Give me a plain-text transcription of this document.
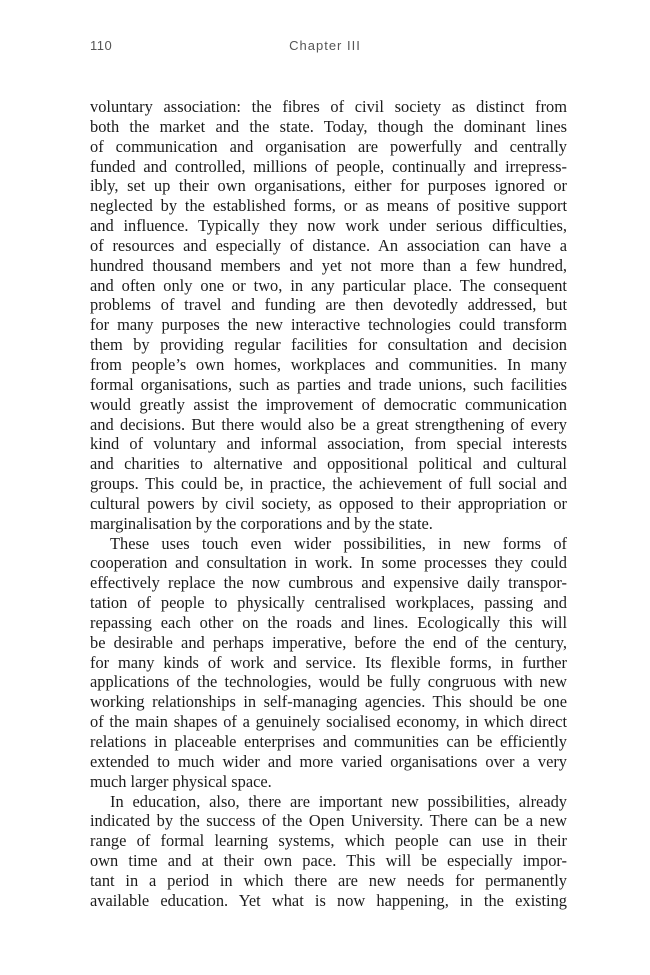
110	Chapter III
voluntary association: the fibres of civil society as distinct from
both the market and the state. Today, though the dominant lines
of communication and organisation are powerfully and centrally
funded and controlled, millions of people, continually and irrepress-
ibly, set up their own organisations, either for purposes ignored or
neglected by the established forms, or as means of positive support
and influence. Typically they now work under serious difficulties,
of resources and especially of distance. An association can have a
hundred thousand members and yet not more than a few hundred,
and often only one or two, in any particular place. The consequent
problems of travel and funding are then devotedly addressed, but
for many purposes the new interactive technologies could transform
them by providing regular facilities for consultation and decision
from people’s own homes, workplaces and communities. In many
formal organisations, such as parties and trade unions, such facilities
would greatly assist the improvement of democratic communication
and decisions. But there would also be a great strengthening of every
kind of voluntary and informal association, from special interests
and charities to alternative and oppositional political and cultural
groups. This could be, in practice, the achievement of full social and
cultural powers by civil society, as opposed to their appropriation or
marginalisation by the corporations and by the state.
These uses touch even wider possibilities, in new forms of
cooperation and consultation in work. In some processes they could
effectively replace the now cumbrous and expensive daily transpor-
tation of people to physically centralised workplaces, passing and
repassing each other on the roads and lines. Ecologically this will
be desirable and perhaps imperative, before the end of the century,
for many kinds of work and service. Its flexible forms, in further
applications of the technologies, would be fully congruous with new
working relationships in self-managing agencies. This should be one
of the main shapes of a genuinely socialised economy, in which direct
relations in placeable enterprises and communities can be efficiently
extended to much wider and more varied organisations over a very
much larger physical space.
In education, also, there are important new possibilities, already
indicated by the success of the Open University. There can be a new
range of formal learning systems, which people can use in their
own time and at their own pace. This will be especially impor-
tant in a period in which there are new needs for permanently
available education. Yet what is now happening, in the existing
